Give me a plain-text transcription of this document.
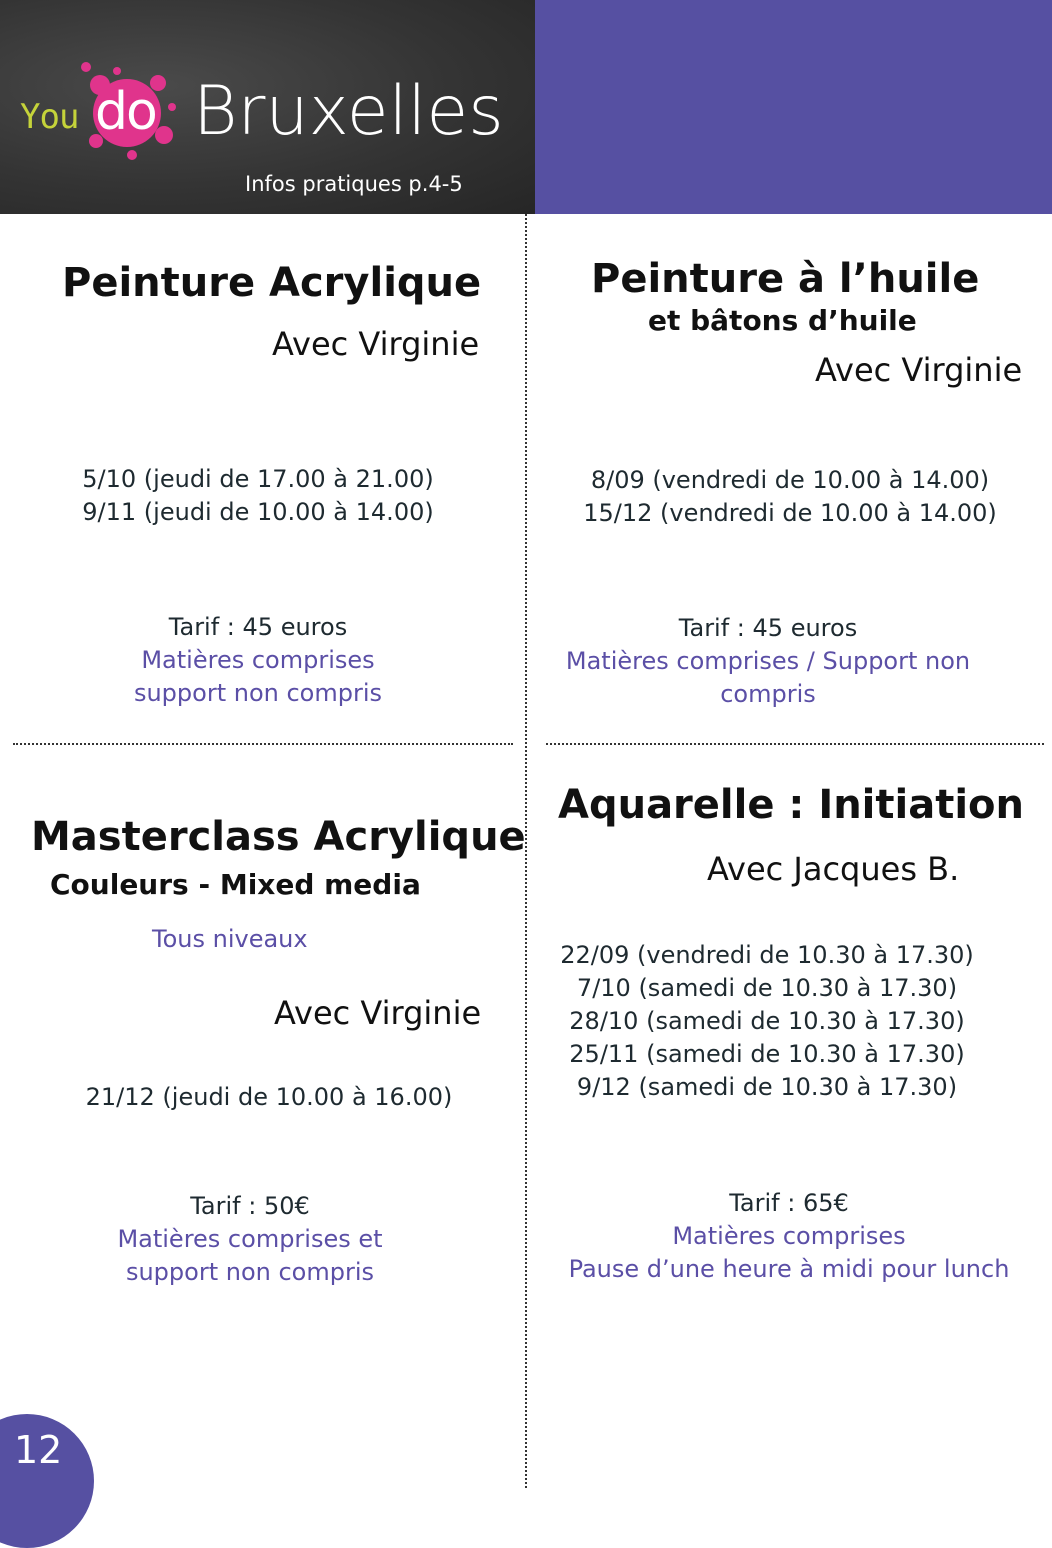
You do Bruxelles
Infos pratiques p.4-5
Peinture Acrylique
Avec Virginie
5/10 (jeudi de 17.00 à 21.00)
9/11 (jeudi de 10.00 à 14.00)
Tarif : 45 euros
Matières comprises
support non compris
Peinture à l’huile
et bâtons d’huile
Avec Virginie
8/09 (vendredi de 10.00 à 14.00)
15/12 (vendredi de 10.00 à 14.00)
Tarif : 45 euros
Matières comprises / Support non
compris
Masterclass Acrylique
Couleurs - Mixed media
Tous niveaux
Avec Virginie
21/12 (jeudi de 10.00 à 16.00)
Tarif : 50€
Matières comprises et
support non compris
Aquarelle : Initiation
Avec Jacques B.
22/09 (vendredi de 10.30 à 17.30)
7/10 (samedi de 10.30 à 17.30)
28/10 (samedi de 10.30 à 17.30)
25/11 (samedi de 10.30 à 17.30)
9/12 (samedi de 10.30 à 17.30)
Tarif : 65€
Matières comprises
Pause d’une heure à midi pour lunch
12
